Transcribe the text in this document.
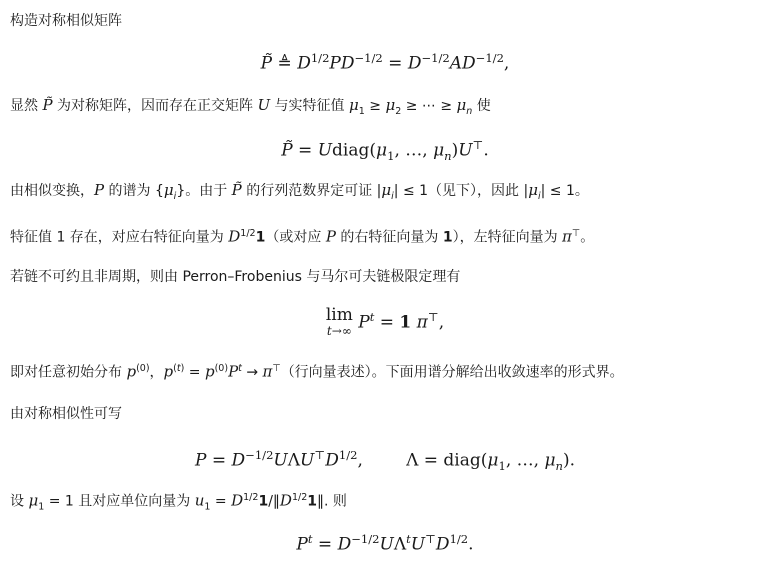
构造对称相似矩阵
P̃ ≜ $D^{1/2}PD^{-1/2} = D^{-1/2}AD^{-1/2}$,
显然 P̃ 为对称矩阵，因而存在正交矩阵 U 与实特征值 $\mu_1 \ge \mu_2$ ≥ ⋯ ≥ $\mu_n$ 使
P̃ = $Udiag(\mu_1$, …, $\mu_n)U^⊤$.
由相似变换，P 的谱为 $\{\mu_i\}$。由于 P̃ 的行列范数界定可证 $|\mu_i| \le 1$（见下），因此 $|\mu_i| \le 1$。
特征值 1 存在，对应右特征向量为 $D^{1/2}1$（或对应 P 的右特征向量为 1），左特征向量为 π⊤。
若链不可约且非周期，则由 Perron–Frobenius 与马尔可夫链极限定理有
lim
t→∞ $P^t = 1$ π⊤,
即对任意初始分布 $p^{(0)}$，$p^{(t)} = p^{(0)}P^t \to \pi^⊤$（行向量表述）。下面用谱分解给出收敛速率的形式界。
由对称相似性可写
$P = D^{-1/2}U\Lambda U^⊤D^{1/2}$,        $\Lambda = diag(\mu_1$, …, $\mu_n$).
设 $\mu_1 = 1$ 且对应单位向量为 $u_1$ = $D^{1/2}1/‖D^{1/2}1‖$. 则
$P^t = D^{-1/2}U\Lambda^tU^⊤D^{1/2}$.
